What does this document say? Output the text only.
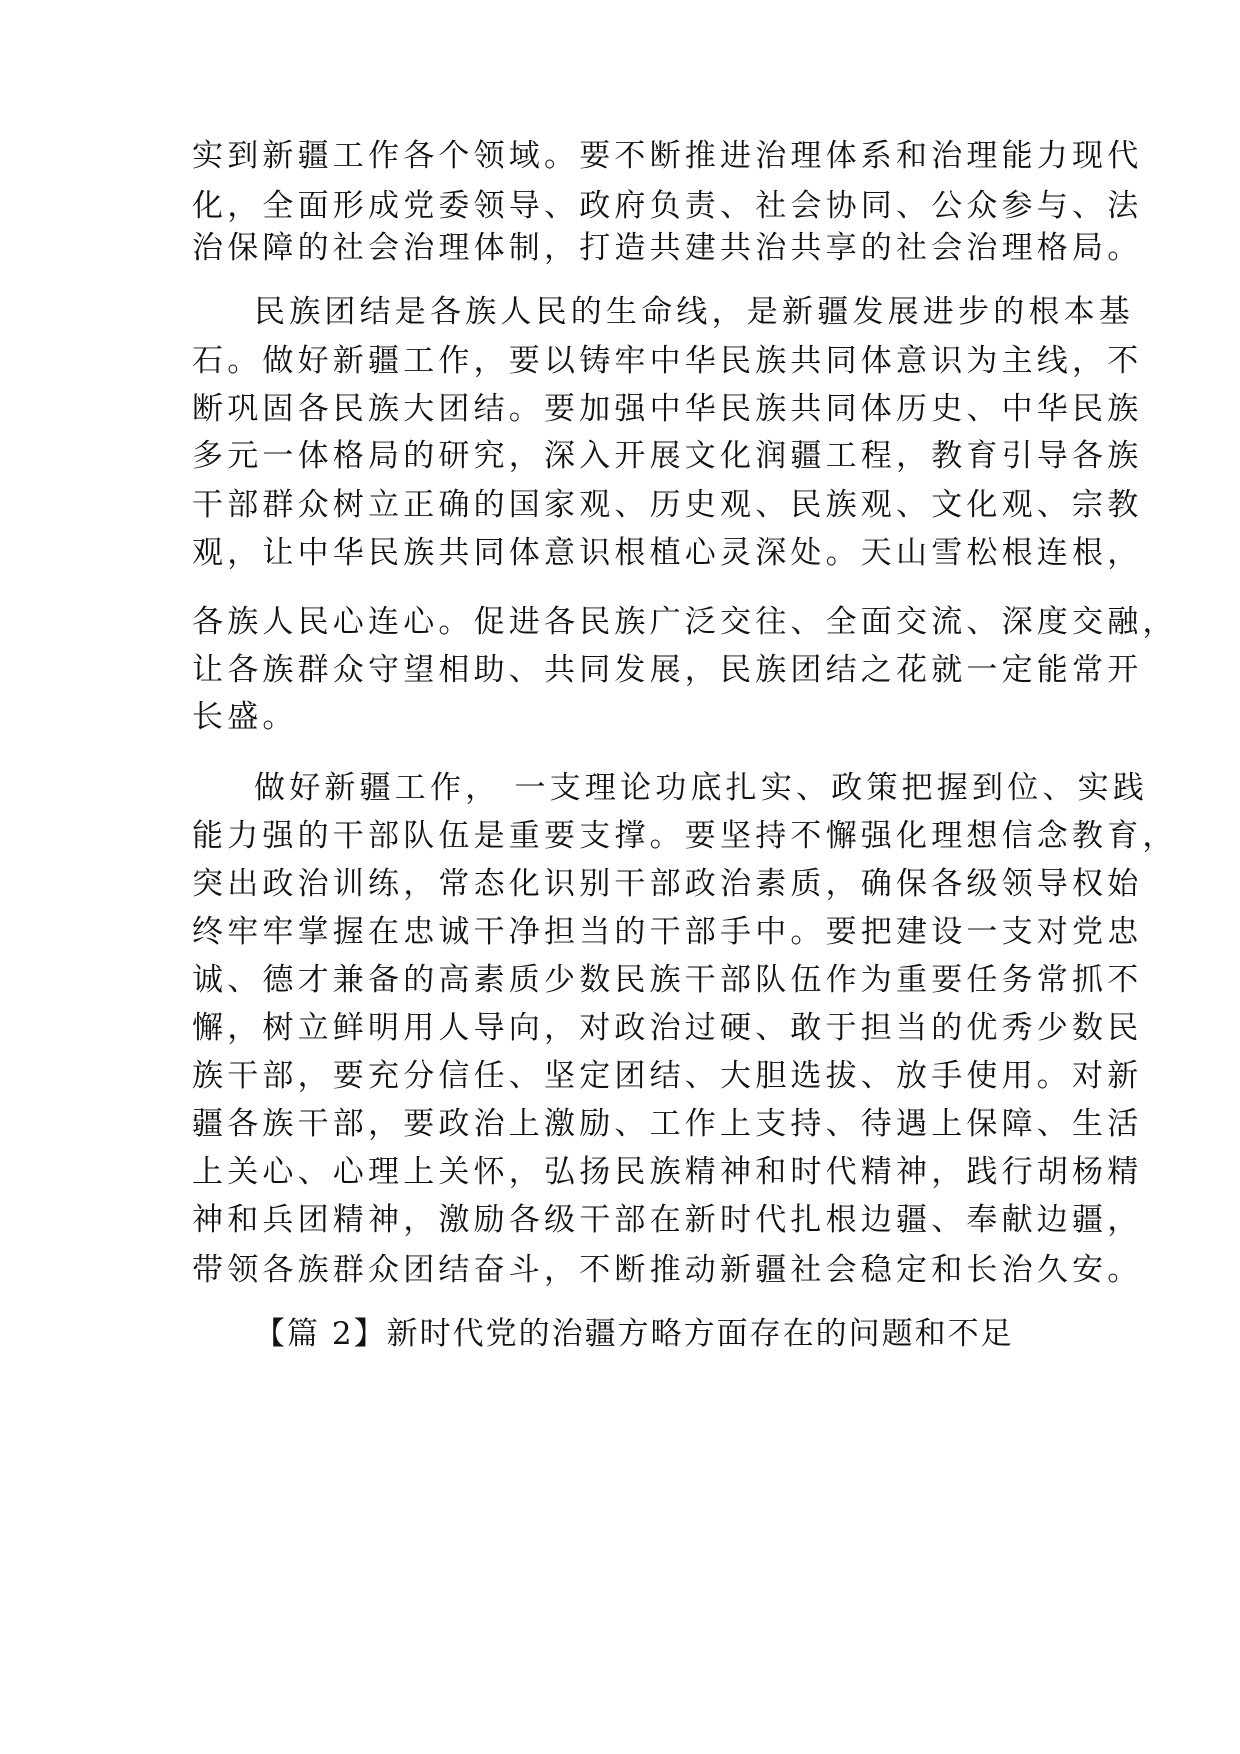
实到新疆工作各个领域。要不断推进治理体系和治理能力现代
化，全面形成党委领导、政府负责、社会协同、公众参与、法
治保障的社会治理体制，打造共建共治共享的社会治理格局。
民族团结是各族人民的生命线，是新疆发展进步的根本基
石。做好新疆工作，要以铸牢中华民族共同体意识为主线，不
断巩固各民族大团结。要加强中华民族共同体历史、中华民族
多元一体格局的研究，深入开展文化润疆工程，教育引导各族
干部群众树立正确的国家观、历史观、民族观、文化观、宗教
观，让中华民族共同体意识根植心灵深处。天山雪松根连根，
各族人民心连心。促进各民族广泛交往、全面交流、深度交融，
让各族群众守望相助、共同发展，民族团结之花就一定能常开
长盛。
做好新疆工作， 一支理论功底扎实、政策把握到位、实践
能力强的干部队伍是重要支撑。要坚持不懈强化理想信念教育，
突出政治训练，常态化识别干部政治素质，确保各级领导权始
终牢牢掌握在忠诚干净担当的干部手中。要把建设一支对党忠
诚、德才兼备的高素质少数民族干部队伍作为重要任务常抓不
懈，树立鲜明用人导向，对政治过硬、敢于担当的优秀少数民
族干部，要充分信任、坚定团结、大胆选拔、放手使用。对新
疆各族干部，要政治上激励、工作上支持、待遇上保障、生活
上关心、心理上关怀，弘扬民族精神和时代精神，践行胡杨精
神和兵团精神，激励各级干部在新时代扎根边疆、奉献边疆，
带领各族群众团结奋斗，不断推动新疆社会稳定和长治久安。
【篇 2】新时代党的治疆方略方面存在的问题和不足
